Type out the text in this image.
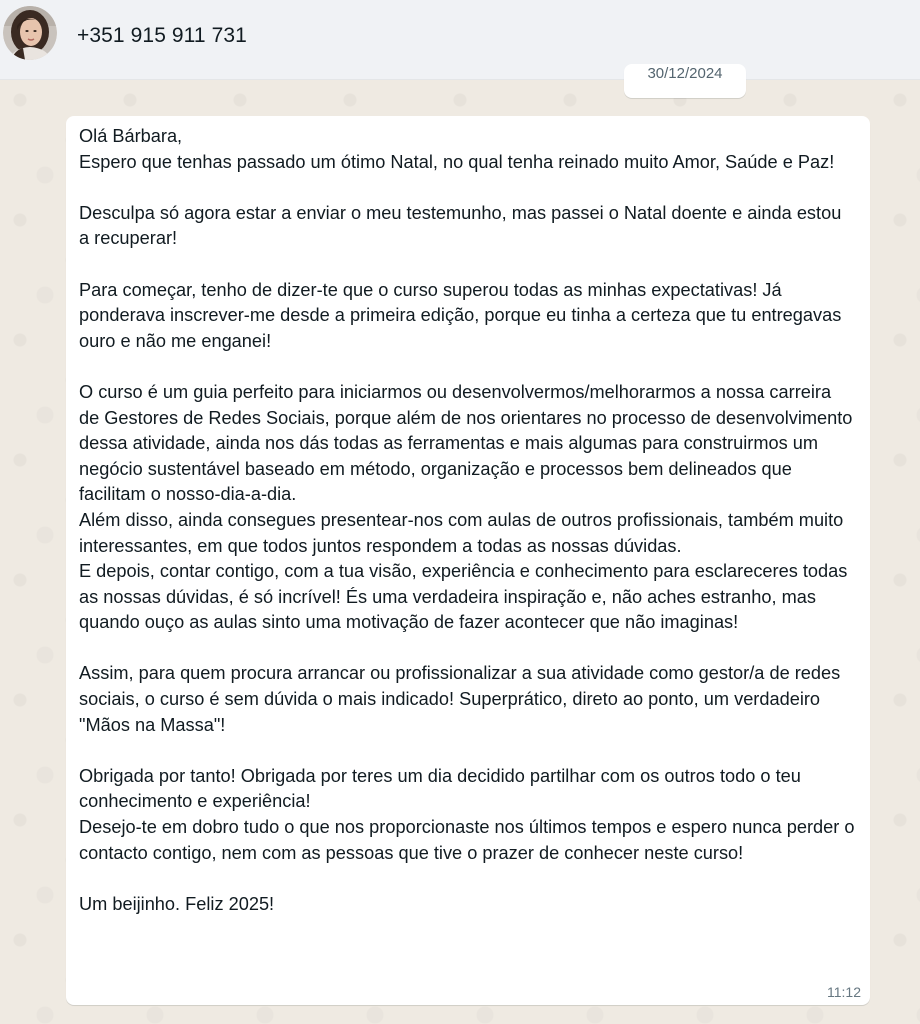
30/12/2024
+351 915 911 731

Olá Bárbara,

Espero que tenhas passado um ótimo Natal, no qual tenha reinado muito Amor, Saúde e Paz!

Desculpa só agora estar a enviar o meu testemunho, mas passei o Natal doente e ainda estou a recuperar!

Para começar, tenho de dizer-te que o curso superou todas as minhas expectativas! Já ponderava inscrever-me desde a primeira edição, porque eu tinha a certeza que tu entregavas ouro e não me enganei!

O curso é um guia perfeito para iniciarmos ou desenvolvermos/melhorarmos a nossa carreira de Gestores de Redes Sociais, porque além de nos orientares no processo de desenvolvimento dessa atividade, ainda nos dás todas as ferramentas e mais algumas para construirmos um negócio sustentável baseado em método, organização e processos bem delineados que facilitam o nosso-dia-a-dia.

Além disso, ainda consegues presentear-nos com aulas de outros profissionais, também muito interessantes, em que todos juntos respondem a todas as nossas dúvidas.

E depois, contar contigo, com a tua visão, experiência e conhecimento para esclareceres todas as nossas dúvidas, é só incrível! És uma verdadeira inspiração e, não aches estranho, mas quando ouço as aulas sinto uma motivação de fazer acontecer que não imaginas!

Assim, para quem procura arrancar ou profissionalizar a sua atividade como gestor/a de redes sociais, o curso é sem dúvida o mais indicado! Superprático, direto ao ponto, um verdadeiro "Mãos na Massa"!

Obrigada por tanto! Obrigada por teres um dia decidido partilhar com os outros todo o teu conhecimento e experiência!

Desejo-te em dobro tudo o que nos proporcionaste nos últimos tempos e espero nunca perder o contacto contigo, nem com as pessoas que tive o prazer de conhecer neste curso!

Um beijinho. Feliz 2025!

11:12
